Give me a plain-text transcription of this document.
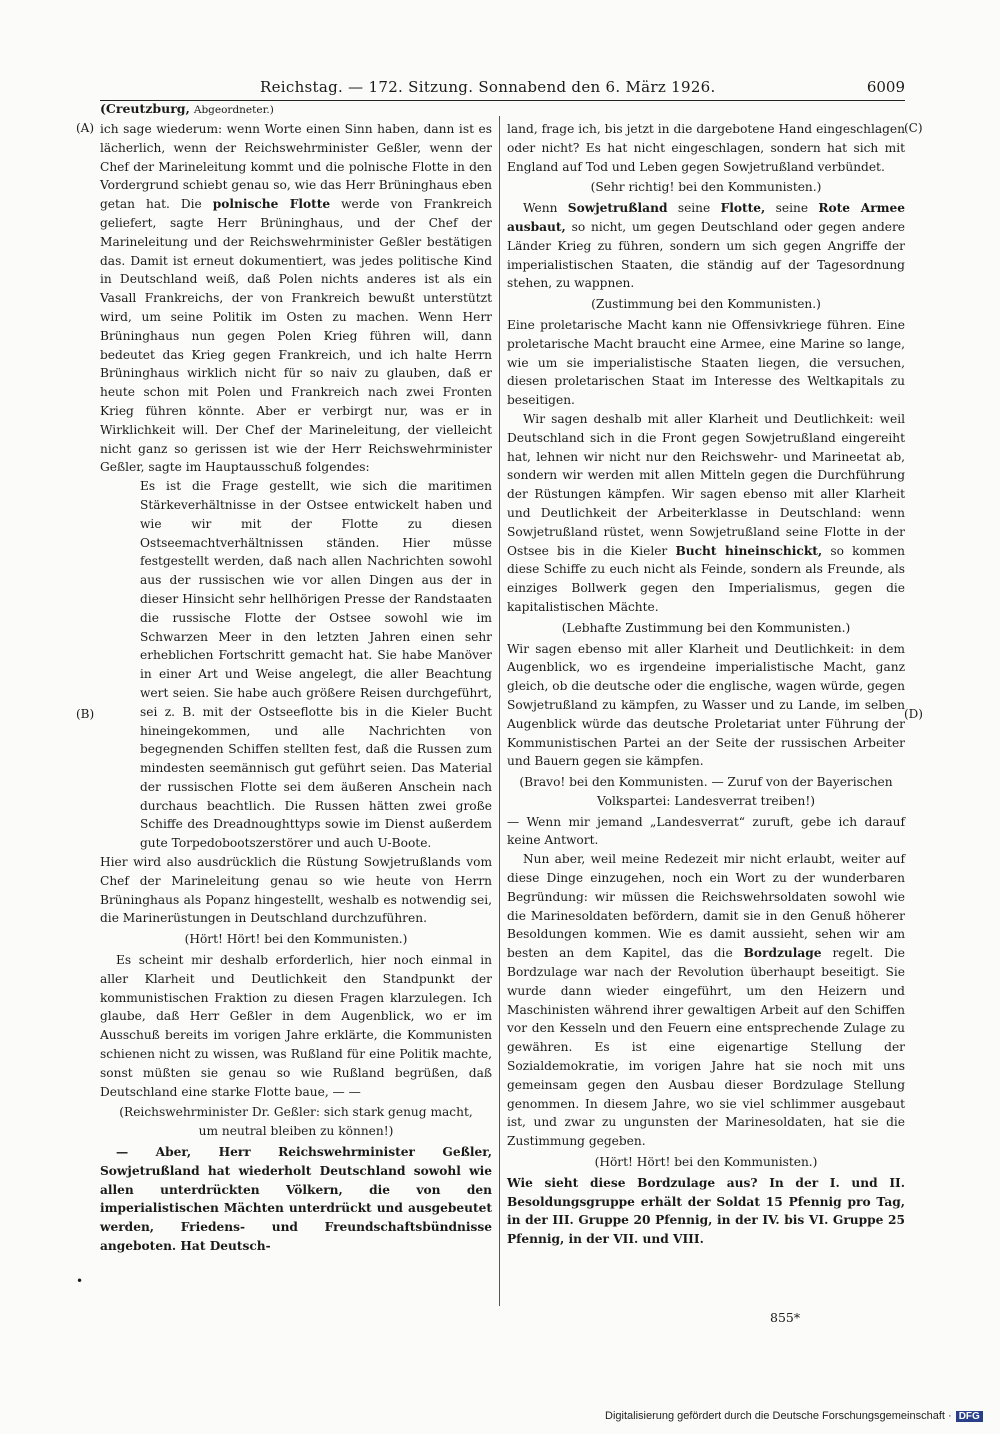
Reichstag. — 172. Sitzung. Sonnabend den 6. März 1926.	6009
(Creutzburg, Abgeordneter.)
(A)
(B)
(C)
(D)

ich sage wiederum: wenn Worte einen Sinn haben, dann ist es lächerlich, wenn der Reichswehrminister Geßler, wenn der Chef der Marineleitung kommt und die polnische Flotte in den Vordergrund schiebt genau so, wie das Herr Brüninghaus eben getan hat. Die polnische Flotte werde von Frankreich geliefert, sagte Herr Brüninghaus, und der Chef der Marineleitung und der Reichswehrminister Geßler bestätigen das. Damit ist erneut dokumentiert, was jedes politische Kind in Deutschland weiß, daß Polen nichts anderes ist als ein Vasall Frankreichs, der von Frankreich bewußt unterstützt wird, um seine Politik im Osten zu machen. Wenn Herr Brüninghaus nun gegen Polen Krieg führen will, dann bedeutet das Krieg gegen Frankreich, und ich halte Herrn Brüninghaus wirklich nicht für so naiv zu glauben, daß er heute schon mit Polen und Frankreich nach zwei Fronten Krieg führen könnte. Aber er verbirgt nur, was er in Wirklichkeit will. Der Chef der Marineleitung, der vielleicht nicht ganz so gerissen ist wie der Herr Reichswehrminister Geßler, sagte im Hauptausschuß folgendes:

Es ist die Frage gestellt, wie sich die maritimen Stärkeverhältnisse in der Ostsee entwickelt haben und wie wir mit der Flotte zu diesen Ostseemachtverhältnissen ständen. Hier müsse festgestellt werden, daß nach allen Nachrichten sowohl aus der russischen wie vor allen Dingen aus der in dieser Hinsicht sehr hellhörigen Presse der Randstaaten die russische Flotte der Ostsee sowohl wie im Schwarzen Meer in den letzten Jahren einen sehr erheblichen Fortschritt gemacht hat. Sie habe Manöver in einer Art und Weise angelegt, die aller Beachtung wert seien. Sie habe auch größere Reisen durchgeführt, sei z. B. mit der Ostseeflotte bis in die Kieler Bucht hineingekommen, und alle Nachrichten von begegnenden Schiffen stellten fest, daß die Russen zum mindesten seemännisch gut geführt seien. Das Material der russischen Flotte sei dem äußeren Anschein nach durchaus beachtlich. Die Russen hätten zwei große Schiffe des Dreadnoughttyps sowie im Dienst außerdem gute Torpedobootszerstörer und auch U-Boote.

Hier wird also ausdrücklich die Rüstung Sowjetrußlands vom Chef der Marineleitung genau so wie heute von Herrn Brüninghaus als Popanz hingestellt, weshalb es notwendig sei, die Marinerüstungen in Deutschland durchzuführen.

(Hört! Hört! bei den Kommunisten.)

Es scheint mir deshalb erforderlich, hier noch einmal in aller Klarheit und Deutlichkeit den Standpunkt der kommunistischen Fraktion zu diesen Fragen klarzulegen. Ich glaube, daß Herr Geßler in dem Augenblick, wo er im Ausschuß bereits im vorigen Jahre erklärte, die Kommunisten schienen nicht zu wissen, was Rußland für eine Politik machte, sonst müßten sie genau so wie Rußland begrüßen, daß Deutschland eine starke Flotte baue, — —

(Reichswehrminister Dr. Geßler: sich stark genug macht, um neutral bleiben zu können!)

— Aber, Herr Reichswehrminister Geßler, Sowjetrußland hat wiederholt Deutschland sowohl wie allen unterdrückten Völkern, die von den imperialistischen Mächten unterdrückt und ausgebeutet werden, Friedens- und Freundschaftsbündnisse angeboten. Hat Deutsch-

land, frage ich, bis jetzt in die dargebotene Hand eingeschlagen oder nicht? Es hat nicht eingeschlagen, sondern hat sich mit England auf Tod und Leben gegen Sowjetrußland verbündet.

(Sehr richtig! bei den Kommunisten.)

Wenn Sowjetrußland seine Flotte, seine Rote Armee ausbaut, so nicht, um gegen Deutschland oder gegen andere Länder Krieg zu führen, sondern um sich gegen Angriffe der imperialistischen Staaten, die ständig auf der Tagesordnung stehen, zu wappnen.

(Zustimmung bei den Kommunisten.)

Eine proletarische Macht kann nie Offensivkriege führen. Eine proletarische Macht braucht eine Armee, eine Marine so lange, wie um sie imperialistische Staaten liegen, die versuchen, diesen proletarischen Staat im Interesse des Weltkapitals zu beseitigen.

Wir sagen deshalb mit aller Klarheit und Deutlichkeit: weil Deutschland sich in die Front gegen Sowjetrußland eingereiht hat, lehnen wir nicht nur den Reichswehr- und Marineetat ab, sondern wir werden mit allen Mitteln gegen die Durchführung der Rüstungen kämpfen. Wir sagen ebenso mit aller Klarheit und Deutlichkeit der Arbeiterklasse in Deutschland: wenn Sowjetrußland rüstet, wenn Sowjetrußland seine Flotte in der Ostsee bis in die Kieler Bucht hineinschickt, so kommen diese Schiffe zu euch nicht als Feinde, sondern als Freunde, als einziges Bollwerk gegen den Imperialismus, gegen die kapitalistischen Mächte.

(Lebhafte Zustimmung bei den Kommunisten.)

Wir sagen ebenso mit aller Klarheit und Deutlichkeit: in dem Augenblick, wo es irgendeine imperialistische Macht, ganz gleich, ob die deutsche oder die englische, wagen würde, gegen Sowjetrußland zu kämpfen, zu Wasser und zu Lande, im selben Augenblick würde das deutsche Proletariat unter Führung der Kommunistischen Partei an der Seite der russischen Arbeiter und Bauern gegen sie kämpfen.

(Bravo! bei den Kommunisten. — Zuruf von der Bayerischen Volkspartei: Landesverrat treiben!)

— Wenn mir jemand „Landesverrat“ zuruft, gebe ich darauf keine Antwort.

Nun aber, weil meine Redezeit mir nicht erlaubt, weiter auf diese Dinge einzugehen, noch ein Wort zu der wunderbaren Begründung: wir müssen die Reichswehrsoldaten sowohl wie die Marinesoldaten befördern, damit sie in den Genuß höherer Besoldungen kommen. Wie es damit aussieht, sehen wir am besten an dem Kapitel, das die Bordzulage regelt. Die Bordzulage war nach der Revolution überhaupt beseitigt. Sie wurde dann wieder eingeführt, um den Heizern und Maschinisten während ihrer gewaltigen Arbeit auf den Schiffen vor den Kesseln und den Feuern eine entsprechende Zulage zu gewähren. Es ist eine eigenartige Stellung der Sozialdemokratie, im vorigen Jahre hat sie noch mit uns gemeinsam gegen den Ausbau dieser Bordzulage Stellung genommen. In diesem Jahre, wo sie viel schlimmer ausgebaut ist, und zwar zu ungunsten der Marinesoldaten, hat sie die Zustimmung gegeben.

(Hört! Hört! bei den Kommunisten.)

Wie sieht diese Bordzulage aus? In der I. und II. Besoldungsgruppe erhält der Soldat 15 Pfennig pro Tag, in der III. Gruppe 20 Pfennig, in der IV. bis VI. Gruppe 25 Pfennig, in der VII. und VIII.

•
855*
Digitalisierung gefördert durch die Deutsche Forschungsgemeinschaft · DFG
